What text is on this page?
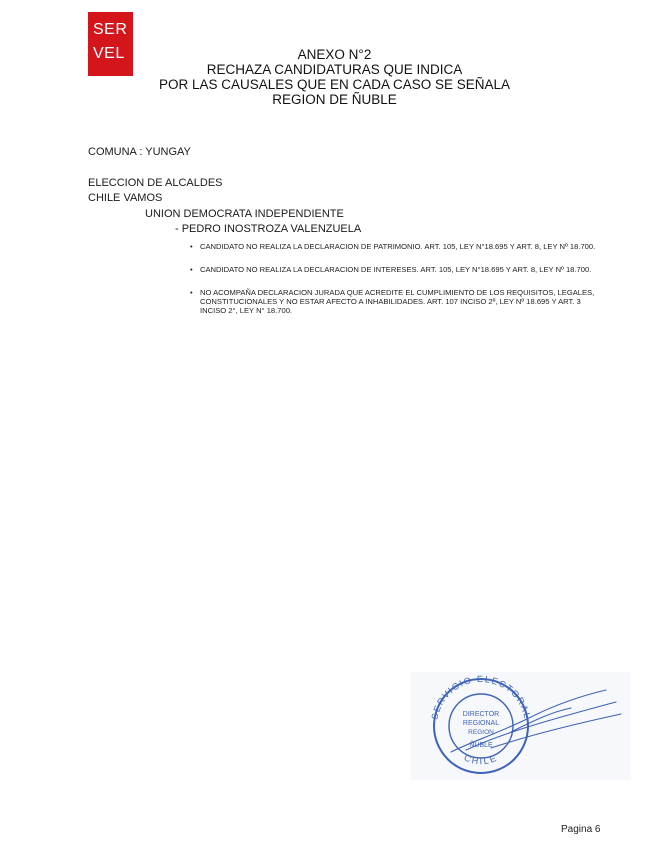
SER
VEL	ANEXO N°2
RECHAZA CANDIDATURAS QUE INDICA
POR LAS CAUSALES QUE EN CADA CASO SE SEÑALA
REGION DE ÑUBLE
COMUNA : YUNGAY
ELECCION DE ALCALDES
CHILE VAMOS
UNION DEMOCRATA INDEPENDIENTE
- PEDRO INOSTROZA VALENZUELA
• CANDIDATO NO REALIZA LA DECLARACION DE PATRIMONIO. ART. 105, LEY N°18.695 Y ART. 8, LEY Nº 18.700.
• CANDIDATO NO REALIZA LA DECLARACION DE INTERESES. ART. 105, LEY N°18.695 Y ART. 8, LEY Nº 18.700.
• NO ACOMPAÑA DECLARACION JURADA QUE ACREDITE EL CUMPLIMIENTO DE LOS REQUISITOS, LEGALES, CONSTITUCIONALES Y NO ESTAR AFECTO A INHABILIDADES. ART. 107 INCISO 2º, LEY Nº 18.695 Y ART. 3 INCISO 2°, LEY N° 18.700.
SERVICIO ELECTORAL
CHILE
DIRECTOR
REGIONAL
REGION
ÑUBLE
Pagina 6
